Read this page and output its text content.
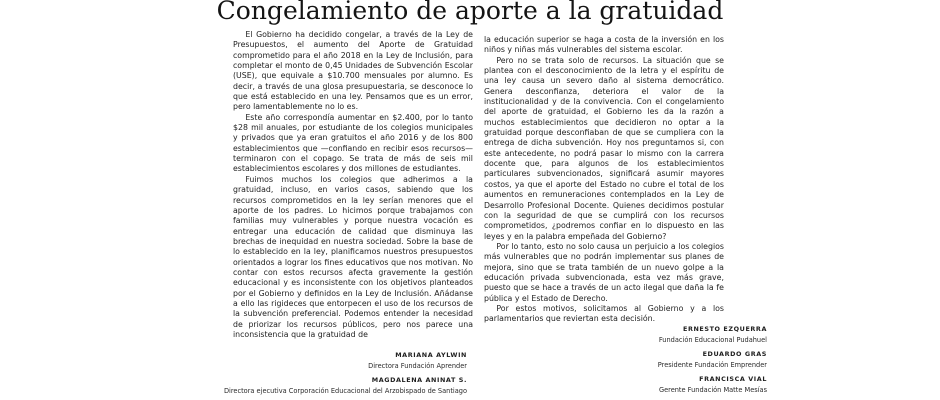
Congelamiento de aporte a la gratuidad

El Gobierno ha decidido congelar, a través de la Ley de Presupuestos, el aumento del Aporte de Gratuidad comprometido para el año 2018 en la Ley de Inclusión, para completar el monto de 0,45 Unidades de Subvención Escolar (USE), que equivale a $10.700 mensuales por alumno. Es decir, a través de una glosa presupuestaria, se desconoce lo que está establecido en una ley. Pensamos que es un error, pero lamentablemente no lo es.

Este año correspondía aumentar en $2.400, por lo tanto $28 mil anuales, por estudiante de los colegios municipales y privados que ya eran gratuitos el año 2016 y de los 800 establecimientos que —confiando en recibir esos recursos— terminaron con el copago. Se trata de más de seis mil establecimientos escolares y dos millones de estudiantes.

Fuimos muchos los colegios que adherimos a la gratuidad, incluso, en varios casos, sabiendo que los recursos comprometidos en la ley serían menores que el aporte de los padres. Lo hicimos porque trabajamos con familias muy vulnerables y porque nuestra vocación es entregar una educación de calidad que disminuya las brechas de inequidad en nuestra sociedad. Sobre la base de lo establecido en la ley, planificamos nuestros presupuestos orientados a lograr los fines educativos que nos motivan. No contar con estos recursos afecta gravemente la gestión educacional y es inconsistente con los objetivos planteados por el Gobierno y definidos en la Ley de Inclusión. Añádanse a ello las rigideces que entorpecen el uso de los recursos de la subvención preferencial. Podemos entender la necesidad de priorizar los recursos públicos, pero nos parece una inconsistencia que la gratuidad de

la educación superior se haga a costa de la inversión en los niños y niñas más vulnerables del sistema escolar.

Pero no se trata solo de recursos. La situación que se plantea con el desconocimiento de la letra y el espíritu de una ley causa un severo daño al sistema democrático. Genera desconfianza, deteriora el valor de la institucionalidad y de la convivencia. Con el congelamiento del aporte de gratuidad, el Gobierno les da la razón a muchos establecimientos que decidieron no optar a la gratuidad porque desconfiaban de que se cumpliera con la entrega de dicha subvención. Hoy nos preguntamos si, con este antecedente, no podrá pasar lo mismo con la carrera docente que, para algunos de los establecimientos particulares subvencionados, significará asumir mayores costos, ya que el aporte del Estado no cubre el total de los aumentos en remuneraciones contemplados en la Ley de Desarrollo Profesional Docente. Quienes decidimos postular con la seguridad de que se cumplirá con los recursos comprometidos, ¿podremos confiar en lo dispuesto en las leyes y en la palabra empeñada del Gobierno?

Por lo tanto, esto no solo causa un perjuicio a los colegios más vulnerables que no podrán implementar sus planes de mejora, sino que se trata también de un nuevo golpe a la educación privada subvencionada, esta vez más grave, puesto que se hace a través de un acto ilegal que daña la fe pública y el Estado de Derecho.

Por estos motivos, solicitamos al Gobierno y a los parlamentarios que reviertan esta decisión.

MARIANA AYLWIN
Directora Fundación Aprender
MAGDALENA ANINAT S.
Directora ejecutiva Corporación Educacional del Arzobispado de Santiago
ERNESTO EZQUERRA
Fundación Educacional Pudahuel
EDUARDO GRAS
Presidente Fundación Emprender
FRANCISCA VIAL
Gerente Fundación Matte Mesías
